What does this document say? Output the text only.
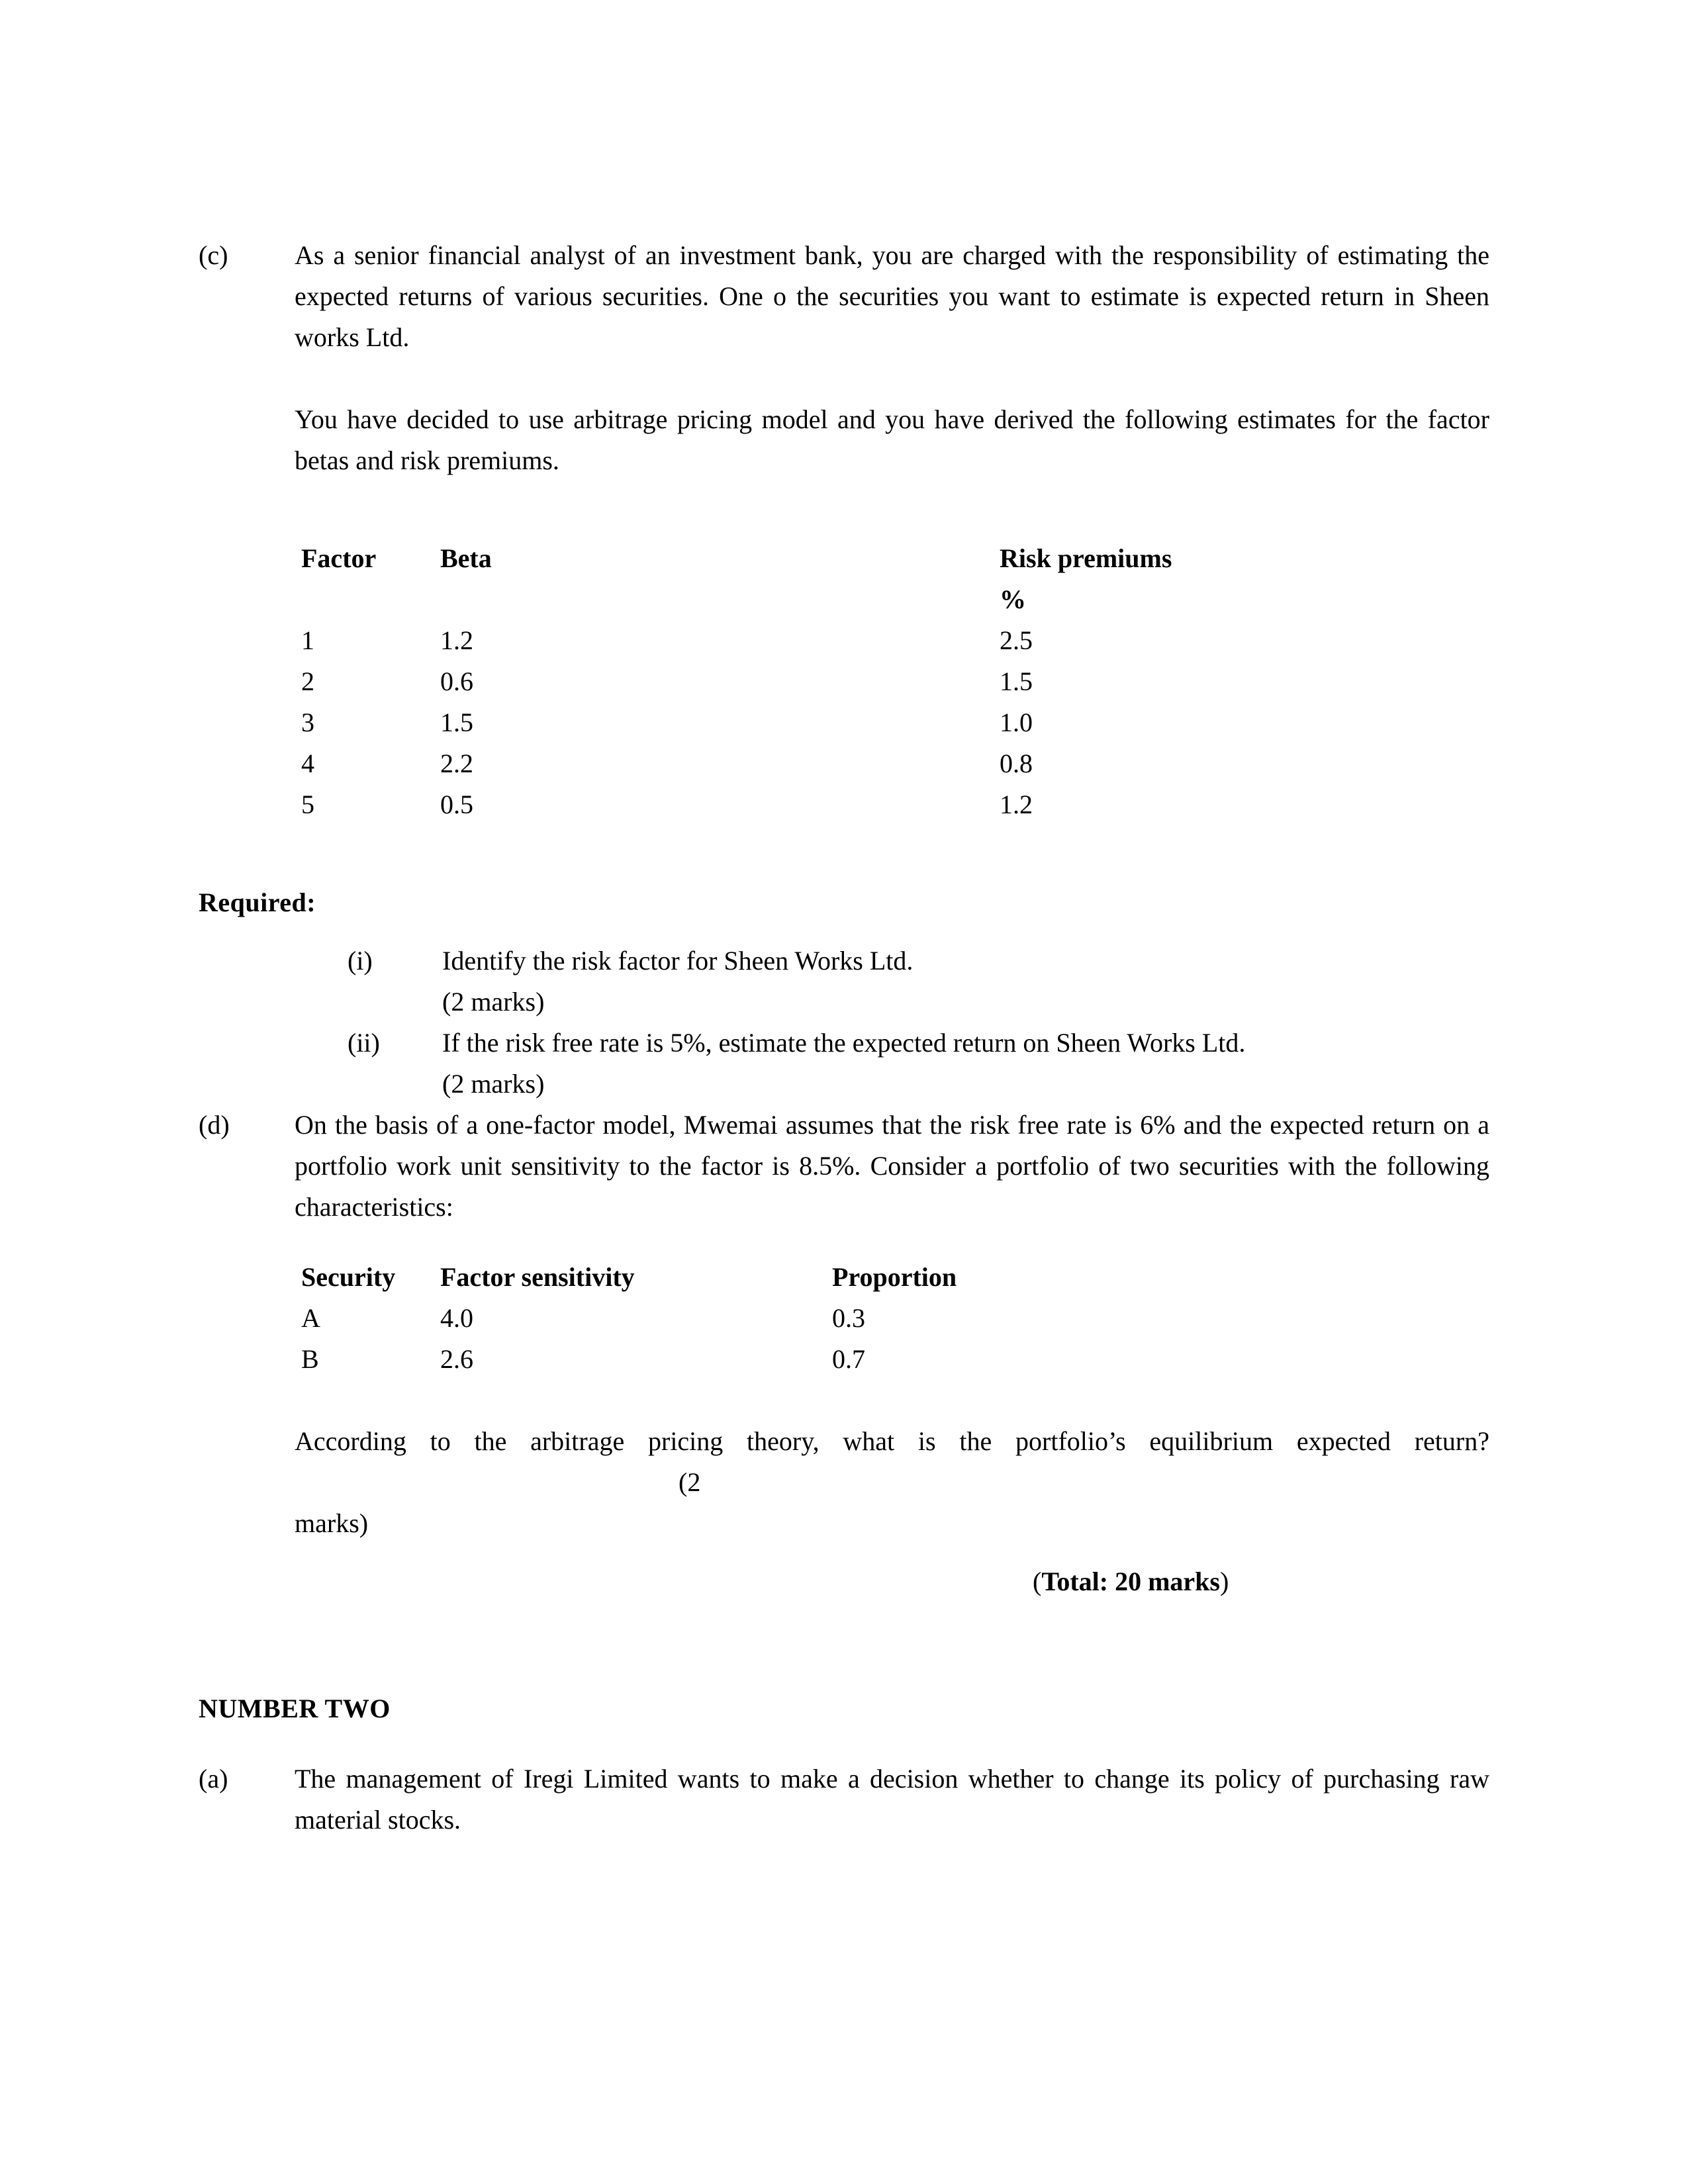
(c)	As a senior financial analyst of an investment bank, you are charged with the responsibility of estimating the expected returns of various securities. One o the securities you want to estimate is expected return in Sheen works Ltd.
You have decided to use arbitrage pricing model and you have derived the following estimates for the factor betas and risk premiums.
Factor	Beta	Risk premiums
		%
1	1.2	2.5
2	0.6	1.5
3	1.5	1.0
4	2.2	0.8
5	0.5	1.2
Required:
(i)	Identify the risk factor for Sheen Works Ltd.
(2 marks)
(ii)	If the risk free rate is 5%, estimate the expected return on Sheen Works Ltd.
(2 marks)
(d)	On the basis of a one-factor model, Mwemai assumes that the risk free rate is 6% and the expected return on a portfolio work unit sensitivity to the factor is 8.5%. Consider a portfolio of two securities with the following characteristics:
Security	Factor sensitivity	Proportion
A	4.0	0.3
B	2.6	0.7
According to the arbitrage pricing theory, what is the portfolio’s equilibrium expected return? (2
marks)
(Total: 20 marks)
NUMBER TWO
(a)	The management of Iregi Limited wants to make a decision whether to change its policy of purchasing raw material stocks.
